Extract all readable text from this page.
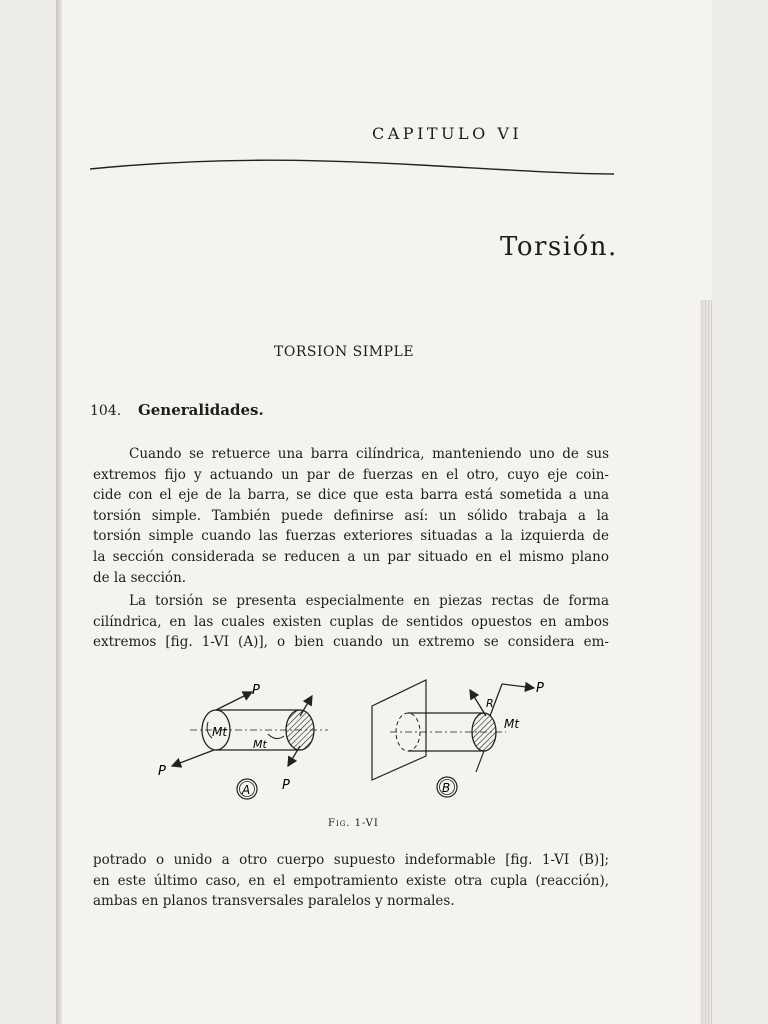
CAPITULO VI
Torsión.
TORSION SIMPLE
104. Generalidades.
Cuando se retuerce una barra cilíndrica, manteniendo uno de sus
extremos fijo y actuando un par de fuerzas en el otro, cuyo eje coin-
cide con el eje de la barra, se dice que esta barra está sometida a una
torsión simple. También puede definirse así: un sólido trabaja a la
torsión simple cuando las fuerzas exteriores situadas a la izquierda de
la sección considerada se reducen a un par situado en el mismo plano
de la sección.
La torsión se presenta especialmente en piezas rectas de forma
cilíndrica, en las cuales existen cuplas de sentidos opuestos en ambos
extremos [fig. 1-VI (A)], o bien cuando un extremo se considera em-
P
P
P
Mt
Mt
A
P
R
Mt
B
Fig. 1-VI
potrado o unido a otro cuerpo supuesto indeformable [fig. 1-VI (B)];
en este último caso, en el empotramiento existe otra cupla (reacción),
ambas en planos transversales paralelos y normales.
